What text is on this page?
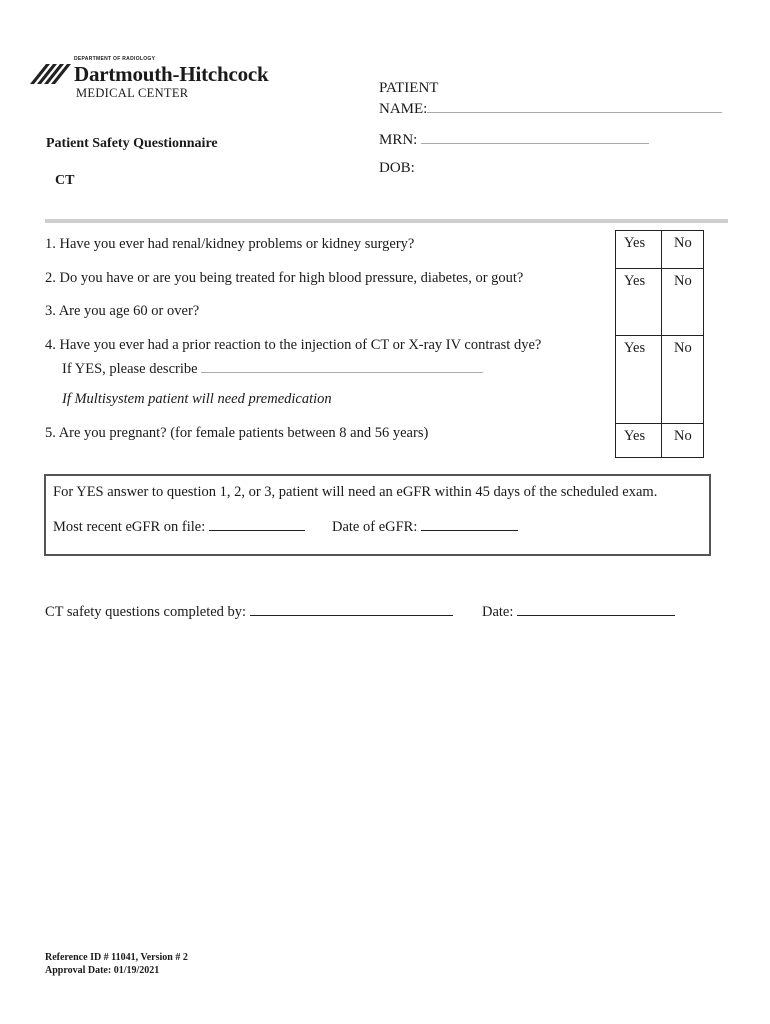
DEPARTMENT OF RADIOLOGY
Dartmouth-Hitchcock
MEDICAL CENTER	PATIENT
NAME:
MRN:
DOB:
Patient Safety Questionnaire
CT
1. Have you ever had renal/kidney problems or kidney surgery?
2. Do you have or are you being treated for high blood pressure, diabetes, or gout?
3. Are you age 60 or over?
4. Have you ever had a prior reaction to the injection of CT or X-ray IV contrast dye?
If YES, please describe
If Multisystem patient will need premedication
5. Are you pregnant? (for female patients between 8 and 56 years)
Yes	No
Yes	No
Yes	No
Yes	No
For YES answer to question 1, 2, or 3, patient will need an eGFR within 45 days of the scheduled exam.
Most recent eGFR on file:	Date of eGFR:
CT safety questions completed by:	Date:
Reference ID # 11041, Version # 2
Approval Date: 01/19/2021
